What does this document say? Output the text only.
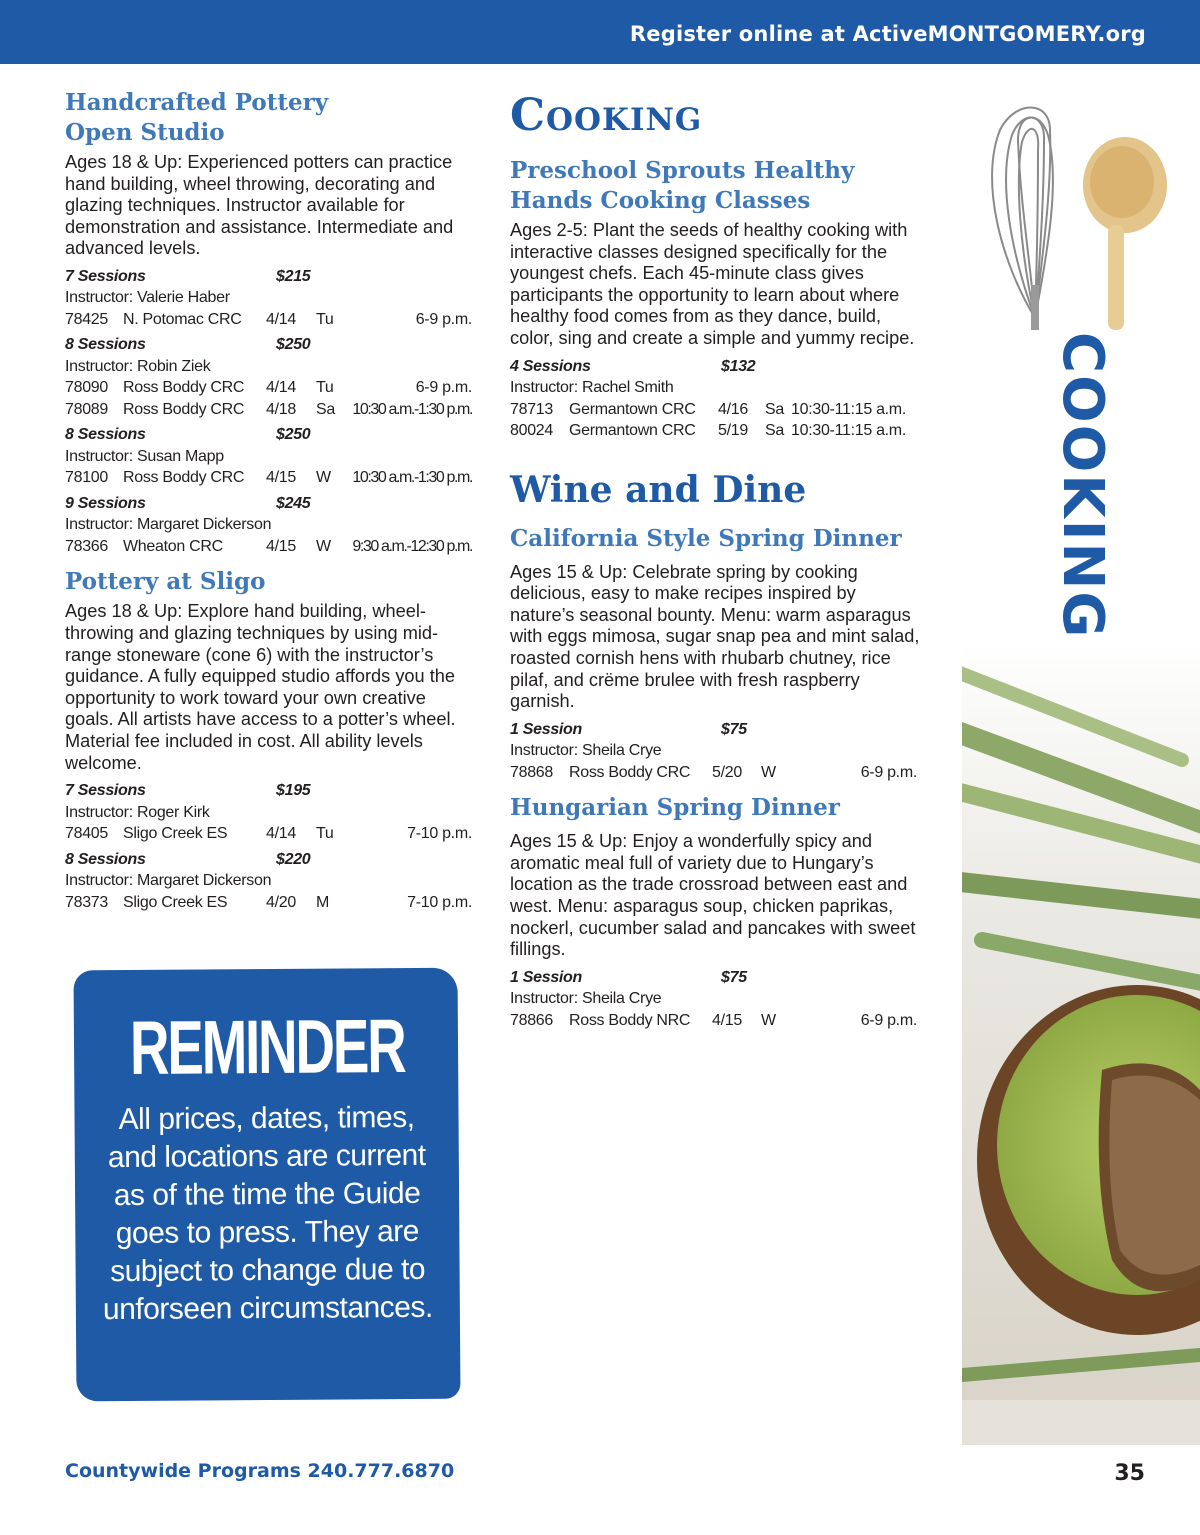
Register online at ActiveMONTGOMERY.org
Handcrafted Pottery
Open Studio

Ages 18 & Up: Experienced potters can practice hand building, wheel throwing, decorating and glazing techniques. Instructor available for demonstration and assistance. Intermediate and advanced levels.

7 Sessions	$215
Instructor: Valerie Haber
78425 N. Potomac CRC 4/14 Tu	6-9 p.m.
8 Sessions	$250
Instructor: Robin Ziek
78090 Ross Boddy CRC 4/14 Tu	6-9 p.m.
78089 Ross Boddy CRC 4/18 Sa 10:30 a.m.-1:30 p.m.
8 Sessions	$250
Instructor: Susan Mapp
78100 Ross Boddy CRC 4/15 W 10:30 a.m.-1:30 p.m.
9 Sessions	$245
Instructor: Margaret Dickerson
78366 Wheaton CRC	4/15 W 9:30 a.m.-12:30 p.m.
Pottery at Sligo

Ages 18 & Up: Explore hand building, wheel-throwing and glazing techniques by using mid-range stoneware (cone 6) with the instructor’s guidance. A fully equipped studio affords you the opportunity to work toward your own creative goals. All artists have access to a potter’s wheel. Material fee included in cost. All ability levels welcome.

7 Sessions	$195
Instructor: Roger Kirk
78405 Sligo Creek ES 4/14 Tu	7-10 p.m.
8 Sessions	$220
Instructor: Margaret Dickerson
78373 Sligo Creek ES 4/20 M	7-10 p.m.
Cooking
Preschool Sprouts Healthy
Hands Cooking Classes

Ages 2-5: Plant the seeds of healthy cooking with interactive classes designed specifically for the youngest chefs. Each 45-minute class gives participants the opportunity to learn about where healthy food comes from as they dance, build, color, sing and create a simple and yummy recipe.

4 Sessions	$132
Instructor: Rachel Smith
78713 Germantown CRC 4/16 Sa 10:30-11:15 a.m.
80024 Germantown CRC 5/19 Sa 10:30-11:15 a.m.
Wine and Dine
California Style Spring Dinner

Ages 15 & Up: Celebrate spring by cooking delicious, easy to make recipes inspired by nature’s seasonal bounty. Menu: warm asparagus with eggs mimosa, sugar snap pea and mint salad, roasted cornish hens with rhubarb chutney, rice pilaf, and crëme brulee with fresh raspberry garnish.

1 Session	$75
Instructor: Sheila Crye
78868 Ross Boddy CRC 5/20 W	6-9 p.m.
Hungarian Spring Dinner

Ages 15 & Up: Enjoy a wonderfully spicy and aromatic meal full of variety due to Hungary’s location as the trade crossroad between east and west. Menu: asparagus soup, chicken paprikas, nockerl, cucumber salad and pancakes with sweet fillings.

1 Session	$75
Instructor: Sheila Crye
78866 Ross Boddy NRC 4/15 W	6-9 p.m.
COOKING
REMINDER
All prices, dates, times, and locations are current as of the time the Guide goes to press. They are subject to change due to unforseen circumstances.
Countywide Programs 240.777.6870	35
